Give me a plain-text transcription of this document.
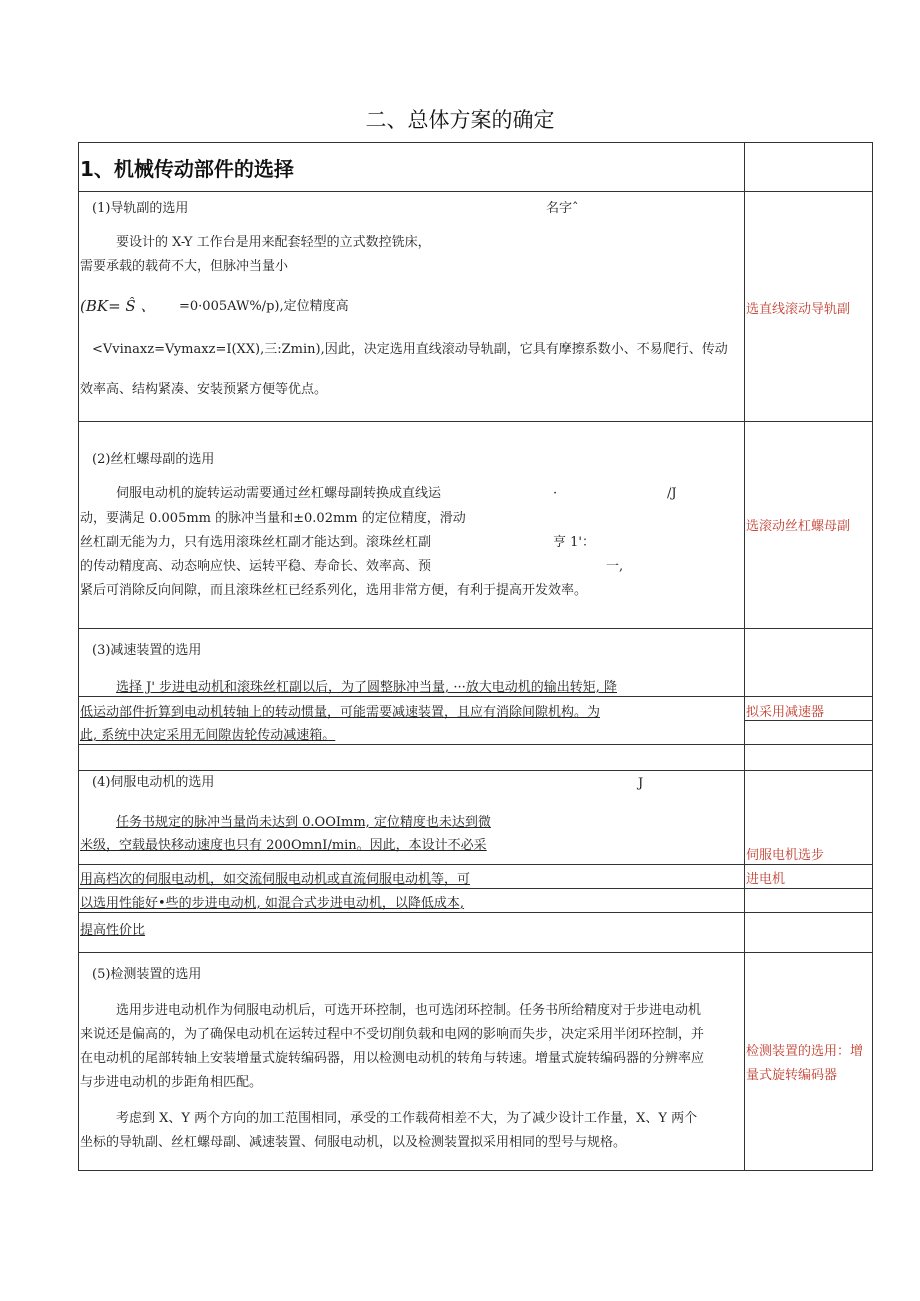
二、总体方案的确定
1、机械传动部件的选择
(1)导轨副的选用	名字ˆ
要设计的 X-Y 工作台是用来配套轻型的立式数控铣床，
需要承载的载荷不大，但脉冲当量小
(BK= Ŝ 、 =0·005AW%/p),定位精度高
<Vvinaxz=Vymaxz=I(XX),三:Zmin),因此，决定选用直线滚动导轨副，它具有摩擦系数小、不易爬行、传动
效率高、结构紧凑、安装预紧方便等优点。
选直线滚动导轨副
(2)丝杠螺母副的选用
伺服电动机的旋转运动需要通过丝杠螺母副转换成直线运	·	/J
动，要满足 0.005mm 的脉冲当量和±0.02mm 的定位精度，滑动
丝杠副无能为力，只有选用滚珠丝杠副才能达到。滚珠丝杠副	亨 1'：
的传动精度高、动态响应快、运转平稳、寿命长、效率高、预	一,
紧后可消除反向间隙，而且滚珠丝杠已经系列化，选用非常方便，有利于提高开发效率。
选滚动丝杠螺母副
(3)减速装置的选用
选择 J' 步进电动机和滚珠丝杠副以后，为了圆整脉冲当量, ···放大电动机的输出转矩, 降
低运动部件折算到电动机转轴上的转动惯量，可能需要减速装置，且应有消除间隙机构。为
此, 系统中决定采用无间隙齿轮传动减速箱。
拟采用减速器
(4)伺服电动机的选用	J
任务书规定的脉冲当量尚未达到 0.OOImm, 定位精度也未达到微
米级，空载最快移动速度也只有 200OmnI/min。因此，本设计不必采
用高档次的伺服电动机，如交流伺服电动机或直流伺服电动机等，可
以选用性能好•些的步进电动机, 如混合式步进电动机，以降低成本,
提高性价比
伺服电机选步
进电机
(5)检测装置的选用
选用步进电动机作为伺服电动机后，可选开环控制，也可选闭环控制。任务书所给精度对于步进电动机
来说还是偏高的，为了确保电动机在运转过程中不受切削负载和电网的影响而失步，决定采用半闭环控制，并
在电动机的尾部转轴上安装增量式旋转编码器，用以检测电动机的转角与转速。增量式旋转编码器的分辨率应
与步进电动机的步距角相匹配。
考虑到 X、Y 两个方向的加工范围相同，承受的工作载荷相差不大，为了减少设计工作量，X、Y 两个
坐标的导轨副、丝杠螺母副、减速装置、伺服电动机，以及检测装置拟采用相同的型号与规格。
检测装置的选用：增
量式旋转编码器
